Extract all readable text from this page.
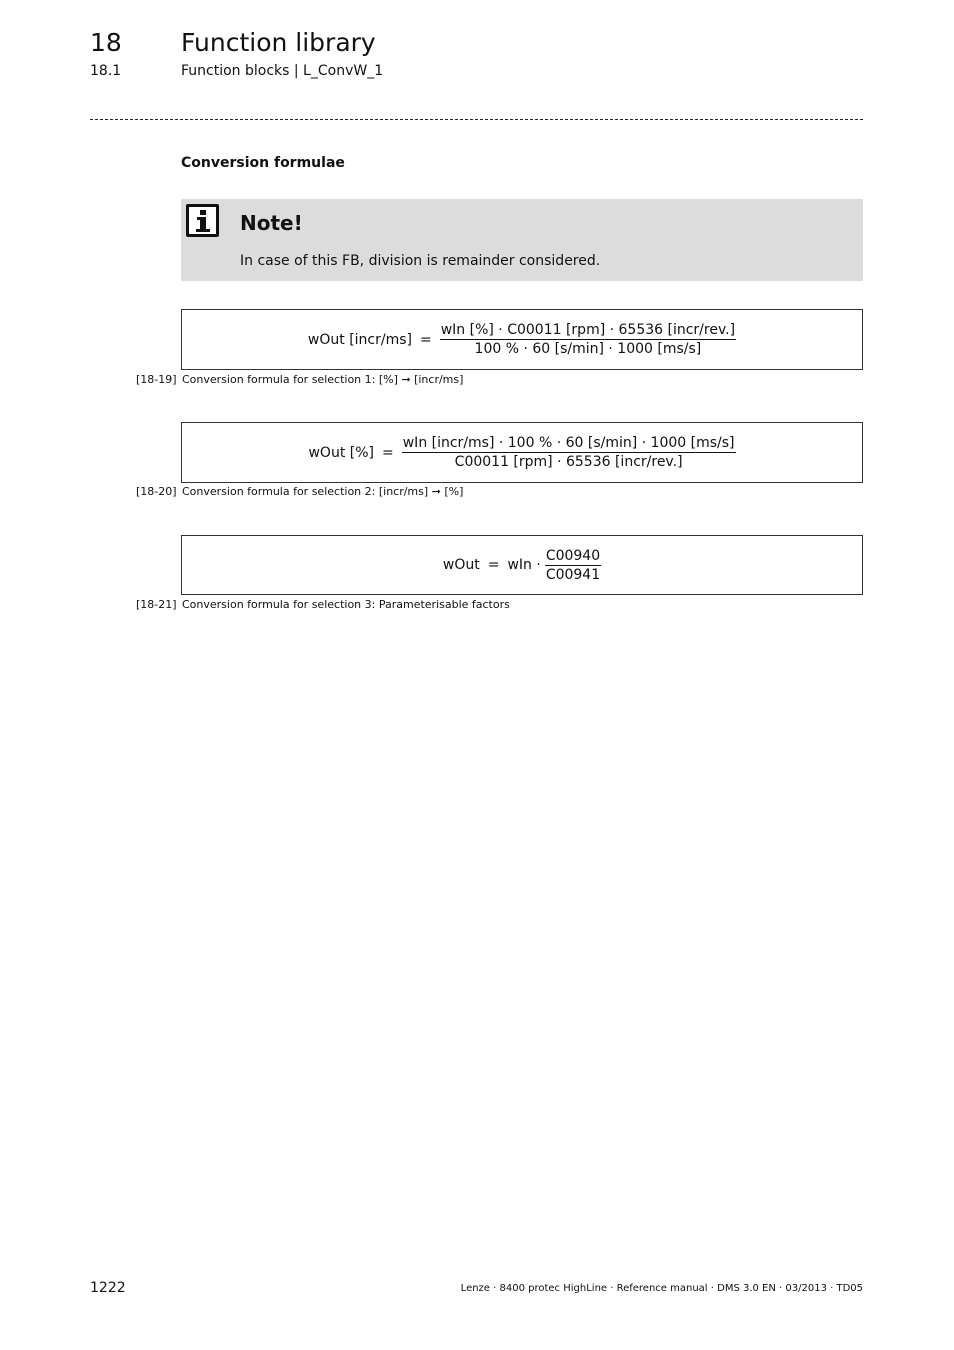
18 Function library
18.1	Function blocks | L_ConvW_1
Conversion formulae
Note!
In case of this FB, division is remainder considered.
wOut [incr/ms] = $\frac{\text{wIn [\%] · C00011 [rpm] · 65536 [incr/rev.]}}{100 \% \cdot 60 [s/\min] \cdot 1000 [ms/s]}$
[18-19] Conversion formula for selection 1: [%] ➞ [incr/ms]
wOut [%] = $\frac{\text{wIn [incr/ms] · 100 \% · 60 [s/min] · 1000 [ms/s]}}{\text{C00011 [rpm] · 65536 [incr/rev.]}}$
[18-20] Conversion formula for selection 2: [incr/ms] ➞ [%]
wOut = wIn · $\frac{C00940}{C00941}$
[18-21] Conversion formula for selection 3: Parameterisable factors
1222	Lenze · 8400 protec HighLine · Reference manual · DMS 3.0 EN · 03/2013 · TD05
